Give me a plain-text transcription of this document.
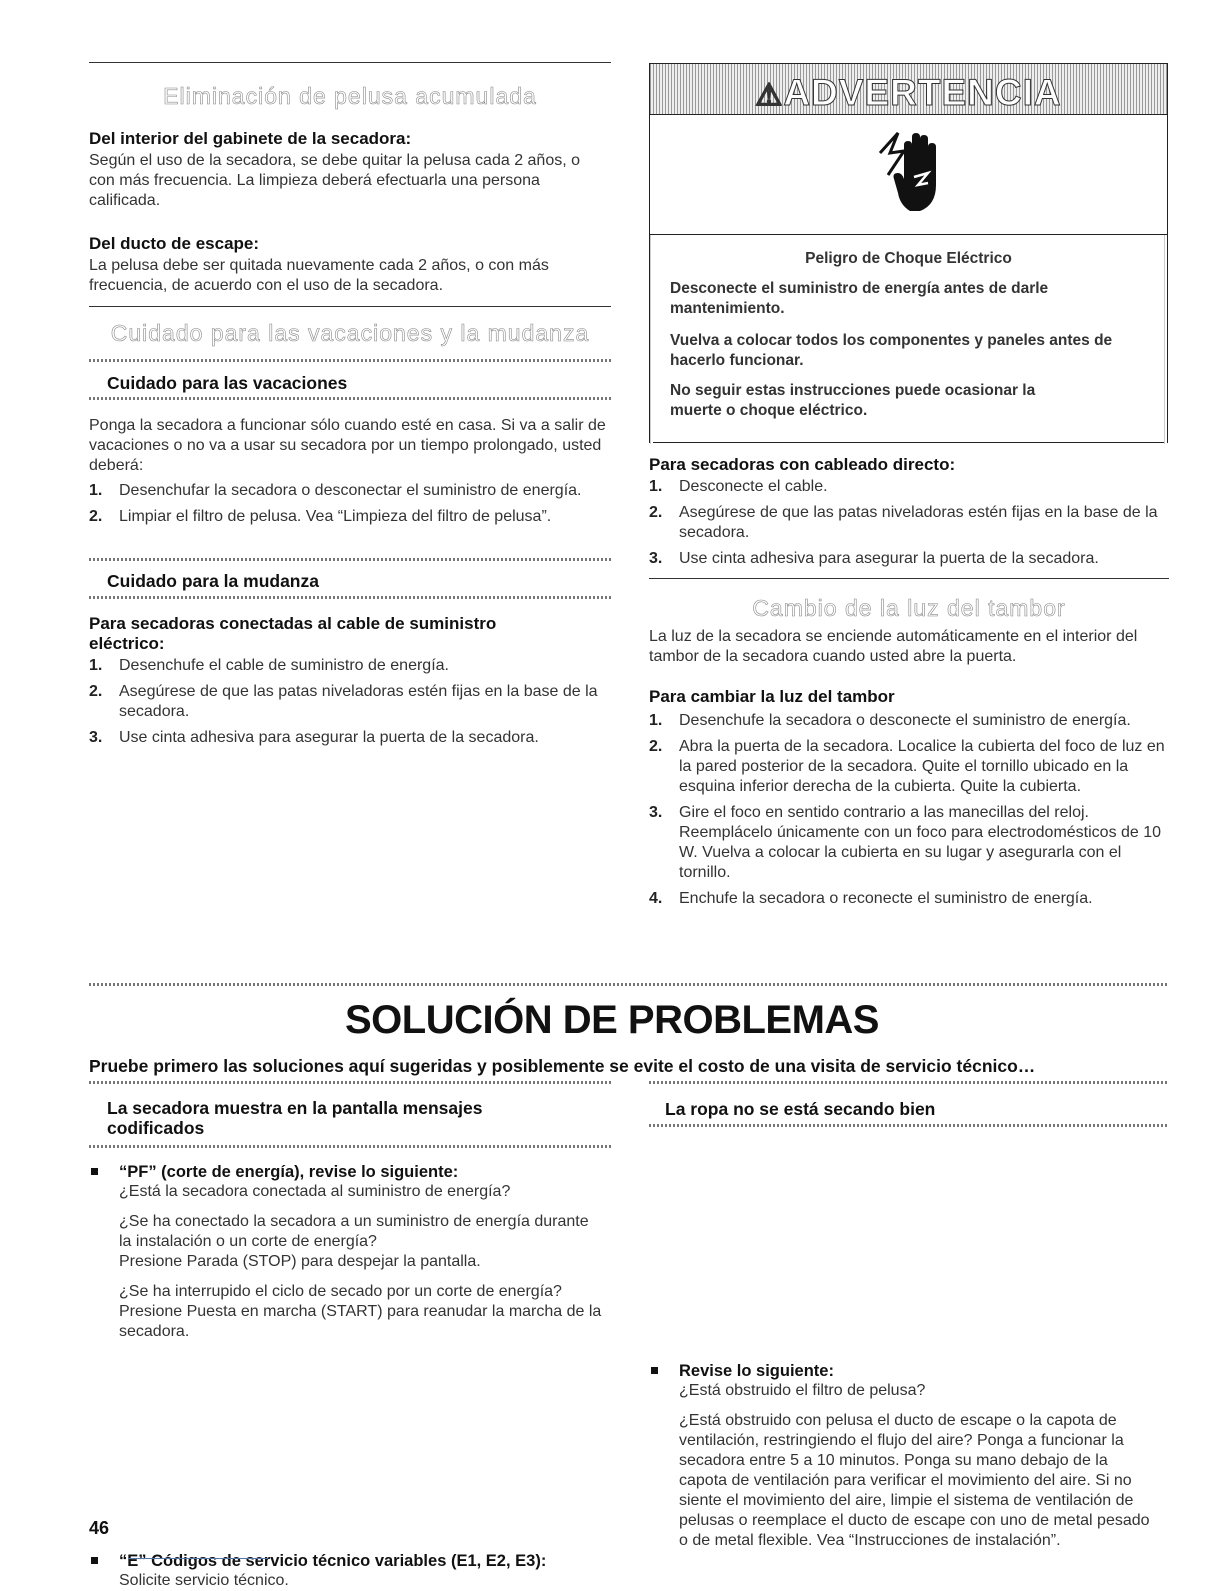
Eliminación de pelusa acumulada
Del interior del gabinete de la secadora:

Según el uso de la secadora, se debe quitar la pelusa cada 2 años, o con más frecuencia. La limpieza deberá efectuarla una persona calificada.

Del ducto de escape:

La pelusa debe ser quitada nuevamente cada 2 años, o con más frecuencia, de acuerdo con el uso de la secadora.

Cuidado para las vacaciones y la mudanza
Cuidado para las vacaciones

Ponga la secadora a funcionar sólo cuando esté en casa. Si va a salir de vacaciones o no va a usar su secadora por un tiempo prolongado, usted deberá:

1. Desenchufar la secadora o desconectar el suministro de energía.
2. Limpiar el filtro de pelusa. Vea “Limpieza del filtro de pelusa”.
Cuidado para la mudanza
Para secadoras conectadas al cable de suministro eléctrico:
1. Desenchufe el cable de suministro de energía.
2. Asegúrese de que las patas niveladoras estén fijas en la base de la secadora.
3. Use cinta adhesiva para asegurar la puerta de la secadora.
⚠ADVERTENCIA
Peligro de Choque Eléctrico

Desconecte el suministro de energía antes de darle mantenimiento.

Vuelva a colocar todos los componentes y paneles antes de hacerlo funcionar.

No seguir estas instrucciones puede ocasionar la muerte o choque eléctrico.

Para secadoras con cableado directo:
1. Desconecte el cable.
2. Asegúrese de que las patas niveladoras estén fijas en la base de la secadora.
3. Use cinta adhesiva para asegurar la puerta de la secadora.
Cambio de la luz del tambor

La luz de la secadora se enciende automáticamente en el interior del tambor de la secadora cuando usted abre la puerta.

Para cambiar la luz del tambor
1. Desenchufe la secadora o desconecte el suministro de energía.
2. Abra la puerta de la secadora. Localice la cubierta del foco de luz en la pared posterior de la secadora. Quite el tornillo ubicado en la esquina inferior derecha de la cubierta. Quite la cubierta.
3. Gire el foco en sentido contrario a las manecillas del reloj. Reemplácelo únicamente con un foco para electrodomésticos de 10 W. Vuelva a colocar la cubierta en su lugar y asegurarla con el tornillo.
4. Enchufe la secadora o reconecte el suministro de energía.
SOLUCIÓN DE PROBLEMAS
Pruebe primero las soluciones aquí sugeridas y posiblemente se evite el costo de una visita de servicio técnico…
La secadora muestra en la pantalla mensajes codificados
“PF” (corte de energía), revise lo siguiente:

¿Está la secadora conectada al suministro de energía?

¿Se ha conectado la secadora a un suministro de energía durante la instalación o un corte de energía?

Presione Parada (STOP) para despejar la pantalla.

¿Se ha interrupido el ciclo de secado por un corte de energía?

Presione Puesta en marcha (START) para reanudar la marcha de la secadora.

“E” Códigos de servicio técnico variables (E1, E2, E3):

Solicite servicio técnico.

La ropa no se está secando bien
Revise lo siguiente:

¿Está obstruido el filtro de pelusa?

¿Está obstruido con pelusa el ducto de escape o la capota de ventilación, restringiendo el flujo del aire? Ponga a funcionar la secadora entre 5 a 10 minutos. Ponga su mano debajo de la capota de ventilación para verificar el movimiento del aire. Si no siente el movimiento del aire, limpie el sistema de ventilación de pelusas o reemplace el ducto de escape con uno de metal pesado o de metal flexible. Vea “Instrucciones de instalación”.

46
